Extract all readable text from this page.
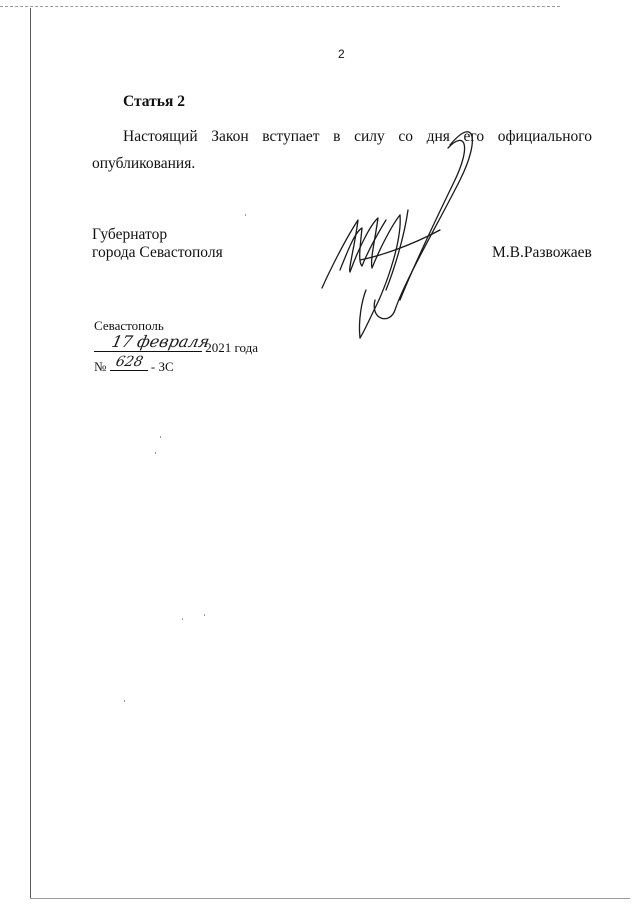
2
Статья 2

Настоящий Закон вступает в силу со дня его официального опубликования.

Губернатор
города Севастополя	М.В.Развожаев
Севастополь
17 февраля
2021 года
№ 628 - ЗС
